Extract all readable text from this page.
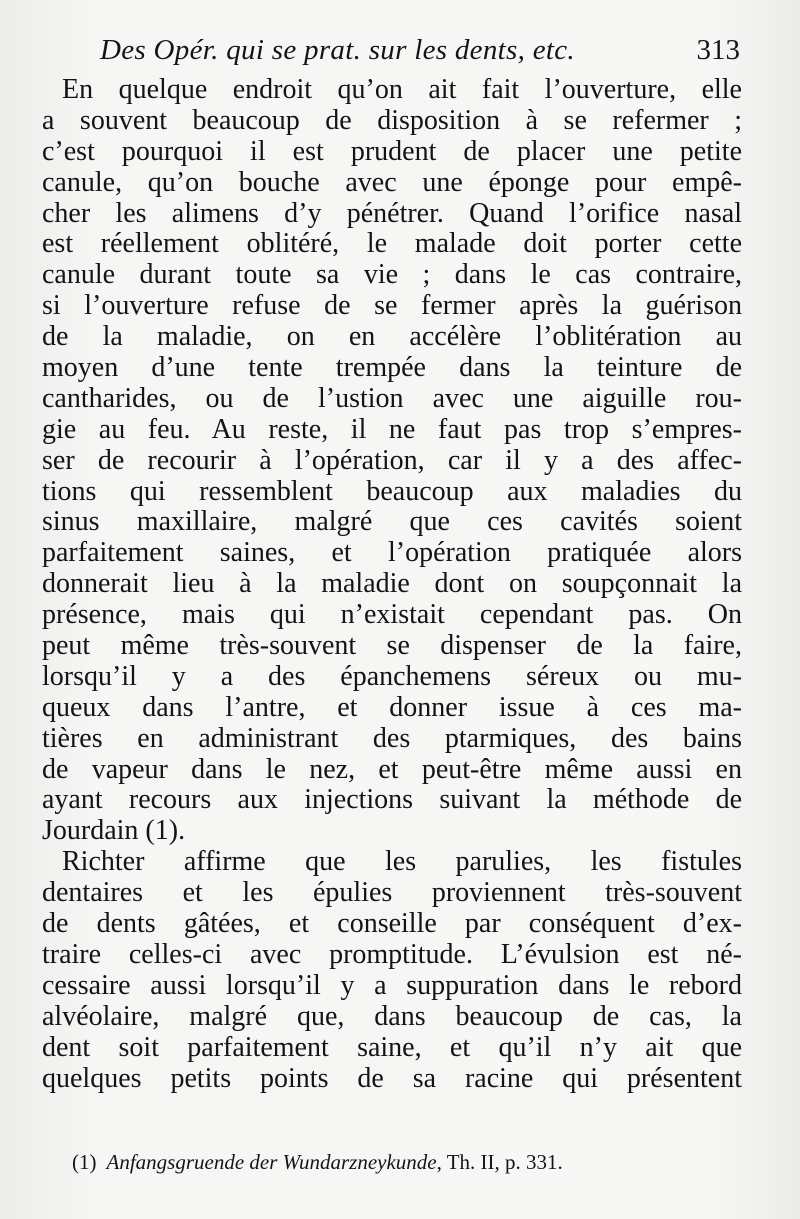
Des Opér. qui se prat. sur les dents, etc.	313
En quelque endroit qu’on ait fait l’ouverture, elle
a souvent beaucoup de disposition à se refermer ;
c’est pourquoi il est prudent de placer une petite
canule, qu’on bouche avec une éponge pour empê-
cher les alimens d’y pénétrer. Quand l’orifice nasal
est réellement oblitéré, le malade doit porter cette
canule durant toute sa vie ; dans le cas contraire,
si l’ouverture refuse de se fermer après la guérison
de la maladie, on en accélère l’oblitération au
moyen d’une tente trempée dans la teinture de
cantharides, ou de l’ustion avec une aiguille rou-
gie au feu. Au reste, il ne faut pas trop s’empres-
ser de recourir à l’opération, car il y a des affec-
tions qui ressemblent beaucoup aux maladies du
sinus maxillaire, malgré que ces cavités soient
parfaitement saines, et l’opération pratiquée alors
donnerait lieu à la maladie dont on soupçonnait la
présence, mais qui n’existait cependant pas. On
peut même très-souvent se dispenser de la faire,
lorsqu’il y a des épanchemens séreux ou mu-
queux dans l’antre, et donner issue à ces ma-
tières en administrant des ptarmiques, des bains
de vapeur dans le nez, et peut-être même aussi en
ayant recours aux injections suivant la méthode de
Jourdain (1).
Richter affirme que les parulies, les fistules
dentaires et les épulies proviennent très-souvent
de dents gâtées, et conseille par conséquent d’ex-
traire celles-ci avec promptitude. L’évulsion est né-
cessaire aussi lorsqu’il y a suppuration dans le rebord
alvéolaire, malgré que, dans beaucoup de cas, la
dent soit parfaitement saine, et qu’il n’y ait que
quelques petits points de sa racine qui présentent
(1) Anfangsgruende der Wundarzneykunde, Th. II, p. 331.
